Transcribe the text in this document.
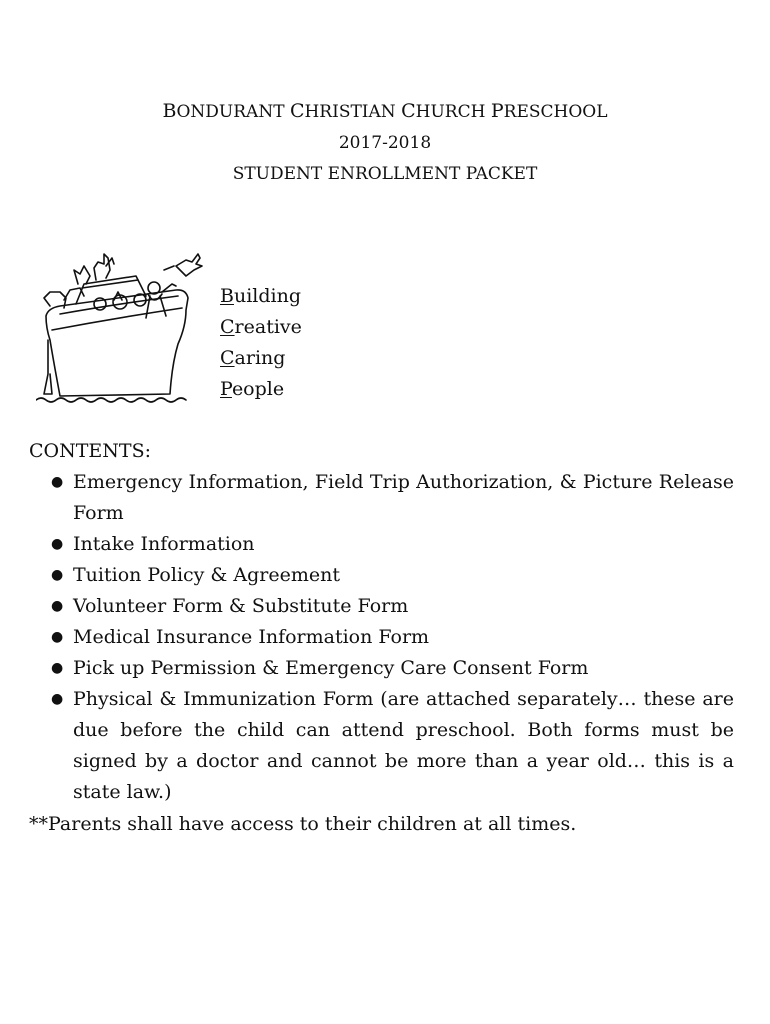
BONDURANT CHRISTIAN CHURCH PRESCHOOL
2017-2018
STUDENT ENROLLMENT PACKET
Building
Creative
Caring
People
CONTENTS:
● Emergency Information, Field Trip Authorization, & Picture Release Form
● Intake Information
● Tuition Policy & Agreement
● Volunteer Form & Substitute Form
● Medical Insurance Information Form
● Pick up Permission & Emergency Care Consent Form
● Physical & Immunization Form (are attached separately… these are due before the child can attend preschool. Both forms must be signed by a doctor and cannot be more than a year old… this is a state law.)
**Parents shall have access to their children at all times.
